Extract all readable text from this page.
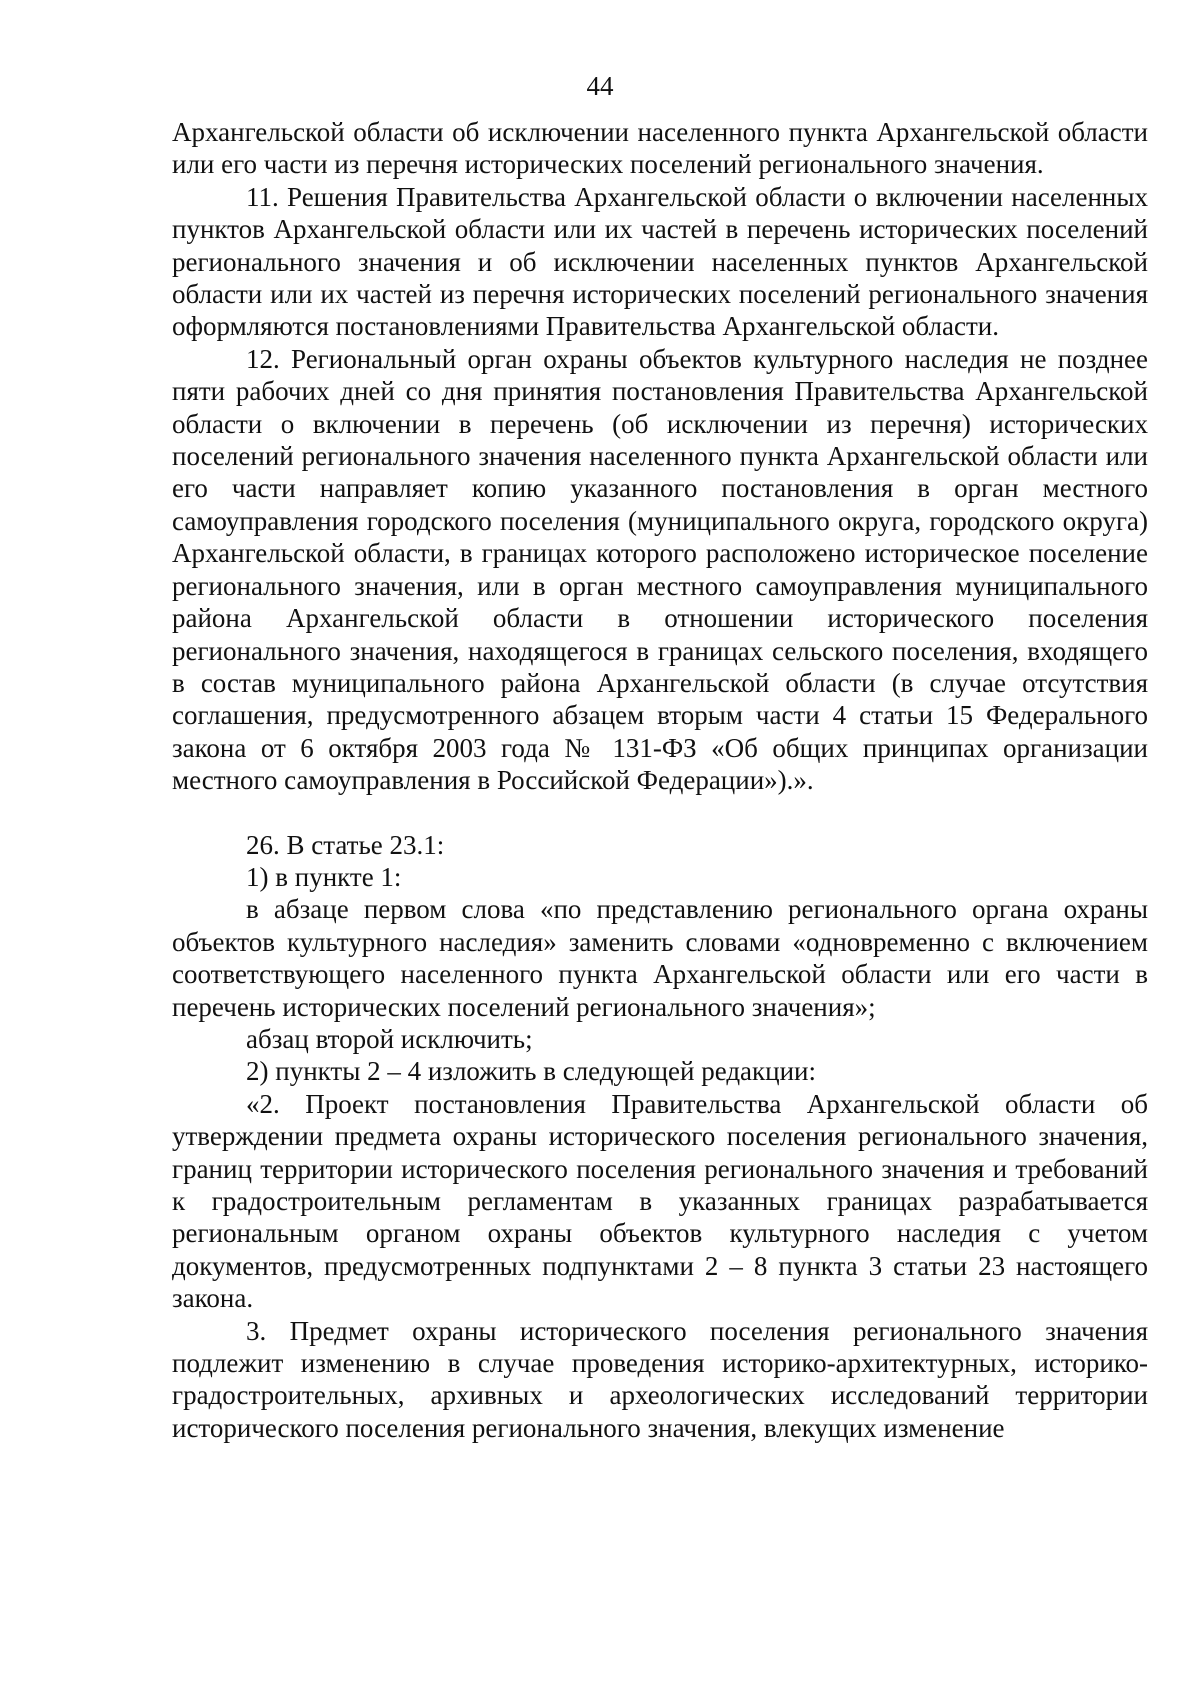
44

Архангельской области об исключении населенного пункта Архангельской области или его части из перечня исторических поселений регионального значения.

11. Решения Правительства Архангельской области о включении населенных пунктов Архангельской области или их частей в перечень исторических поселений регионального значения и об исключении населенных пунктов Архангельской области или их частей из перечня исторических поселений регионального значения оформляются постановлениями Правительства Архангельской области.

12. Региональный орган охраны объектов культурного наследия не позднее пяти рабочих дней со дня принятия постановления Правительства Архангельской области о включении в перечень (об исключении из перечня) исторических поселений регионального значения населенного пункта Архангельской области или его части направляет копию указанного постановления в орган местного самоуправления городского поселения (муниципального округа, городского округа) Архангельской области, в границах которого расположено историческое поселение регионального значения, или в орган местного самоуправления муниципального района Архангельской области в отношении исторического поселения регионального значения, находящегося в границах сельского поселения, входящего в состав муниципального района Архангельской области (в случае отсутствия соглашения, предусмотренного абзацем вторым части 4 статьи 15 Федерального закона от 6 октября 2003 года № 131-ФЗ «Об общих принципах организации местного самоуправления в Российской Федерации»).».

26. В статье 23.1:

1) в пункте 1:

в абзаце первом слова «по представлению регионального органа охраны объектов культурного наследия» заменить словами «одновременно с включением соответствующего населенного пункта Архангельской области или его части в перечень исторических поселений регионального значения»;

абзац второй исключить;

2) пункты 2 – 4 изложить в следующей редакции:

«2. Проект постановления Правительства Архангельской области об утверждении предмета охраны исторического поселения регионального значения, границ территории исторического поселения регионального значения и требований к градостроительным регламентам в указанных границах разрабатывается региональным органом охраны объектов культурного наследия с учетом документов, предусмотренных подпунктами 2 – 8 пункта 3 статьи 23 настоящего закона.

3. Предмет охраны исторического поселения регионального значения подлежит изменению в случае проведения историко-архитектурных, историко-градостроительных, архивных и археологических исследований территории исторического поселения регионального значения, влекущих изменение
